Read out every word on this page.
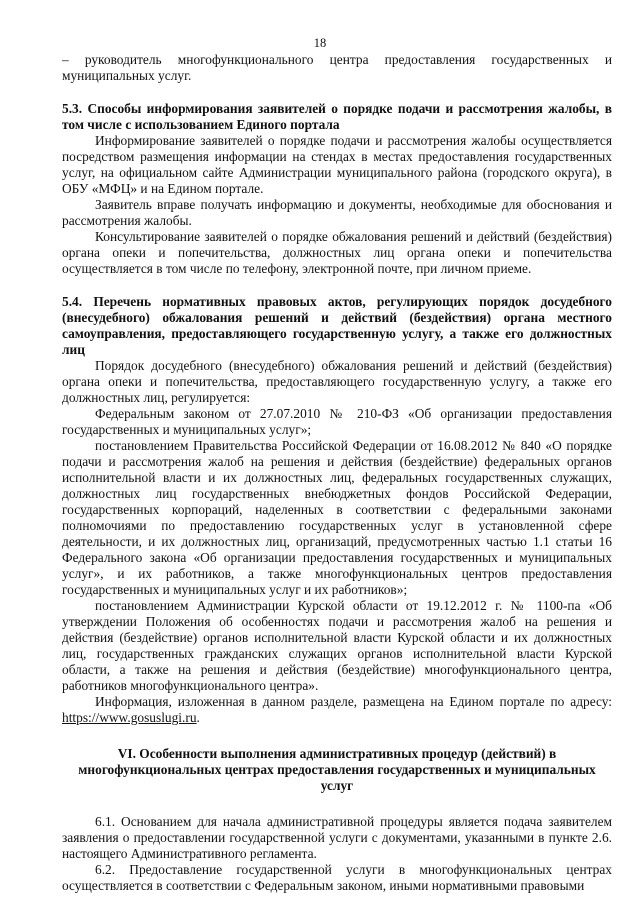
18

– руководитель многофункционального центра предоставления государственных и муниципальных услуг.

5.3. Способы информирования заявителей о порядке подачи и рассмотрения жалобы, в том числе с использованием Единого портала

Информирование заявителей о порядке подачи и рассмотрения жалобы осуществляется посредством размещения информации на стендах в местах предоставления государственных услуг, на официальном сайте Администрации муниципального района (городского округа), в ОБУ «МФЦ» и на Едином портале.

Заявитель вправе получать информацию и документы, необходимые для обоснования и рассмотрения жалобы.

Консультирование заявителей о порядке обжалования решений и действий (бездействия) органа опеки и попечительства, должностных лиц органа опеки и попечительства осуществляется в том числе по телефону, электронной почте, при личном приеме.

5.4. Перечень нормативных правовых актов, регулирующих порядок досудебного (внесудебного) обжалования решений и действий (бездействия) органа местного самоуправления, предоставляющего государственную услугу, а также его должностных лиц

Порядок досудебного (внесудебного) обжалования решений и действий (бездействия) органа опеки и попечительства, предоставляющего государственную услугу, а также его должностных лиц, регулируется:

Федеральным законом от 27.07.2010 № 210-ФЗ «Об организации предоставления государственных и муниципальных услуг»;

постановлением Правительства Российской Федерации от 16.08.2012 № 840 «О порядке подачи и рассмотрения жалоб на решения и действия (бездействие) федеральных органов исполнительной власти и их должностных лиц, федеральных государственных служащих, должностных лиц государственных внебюджетных фондов Российской Федерации, государственных корпораций, наделенных в соответствии с федеральными законами полномочиями по предоставлению государственных услуг в установленной сфере деятельности, и их должностных лиц, организаций, предусмотренных частью 1.1 статьи 16 Федерального закона «Об организации предоставления государственных и муниципальных услуг», и их работников, а также многофункциональных центров предоставления государственных и муниципальных услуг и их работников»;

постановлением Администрации Курской области от 19.12.2012 г. № 1100-па «Об утверждении Положения об особенностях подачи и рассмотрения жалоб на решения и действия (бездействие) органов исполнительной власти Курской области и их должностных лиц, государственных гражданских служащих органов исполнительной власти Курской области, а также на решения и действия (бездействие) многофункционального центра, работников многофункционального центра».

Информация, изложенная в данном разделе, размещена на Едином портале по адресу: https://www.gosuslugi.ru.

VI. Особенности выполнения административных процедур (действий) в многофункциональных центрах предоставления государственных и муниципальных услуг

6.1. Основанием для начала административной процедуры является подача заявителем заявления о предоставлении государственной услуги с документами, указанными в пункте 2.6. настоящего Административного регламента.

6.2. Предоставление государственной услуги в многофункциональных центрах осуществляется в соответствии с Федеральным законом, иными нормативными правовыми
